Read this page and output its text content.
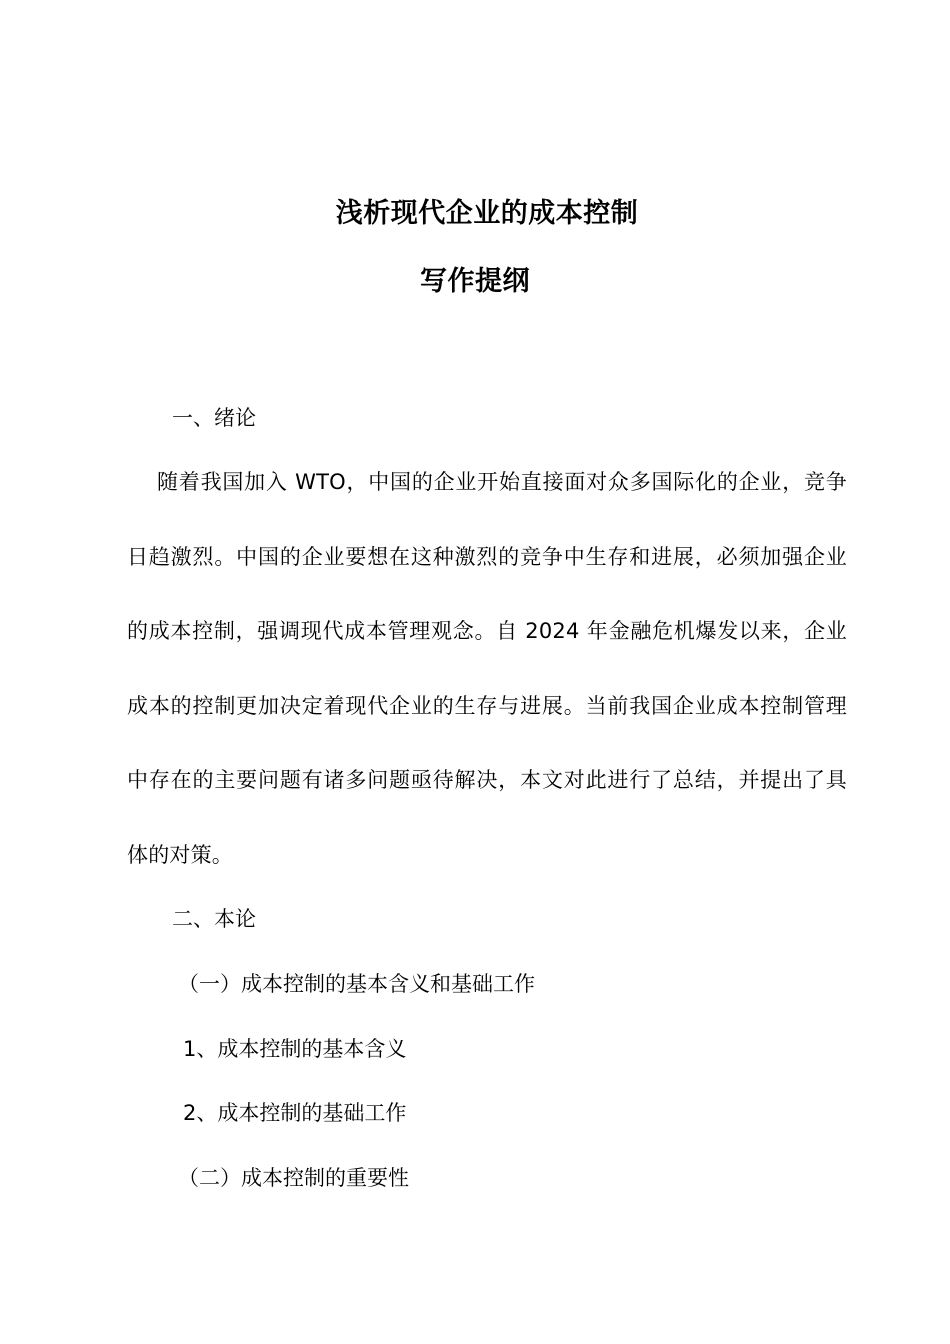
浅析现代企业的成本控制
写作提纲
一、绪论
随着我国加入 WTO，中国的企业开始直接面对众多国际化的企业，竞争日趋激烈。中国的企业要想在这种激烈的竞争中生存和进展，必须加强企业的成本控制，强调现代成本管理观念。自 2024 年金融危机爆发以来，企业成本的控制更加决定着现代企业的生存与进展。当前我国企业成本控制管理中存在的主要问题有诸多问题亟待解决，本文对此进行了总结，并提出了具体的对策。
二、本论
（一）成本控制的基本含义和基础工作
1、成本控制的基本含义
2、成本控制的基础工作
（二）成本控制的重要性
